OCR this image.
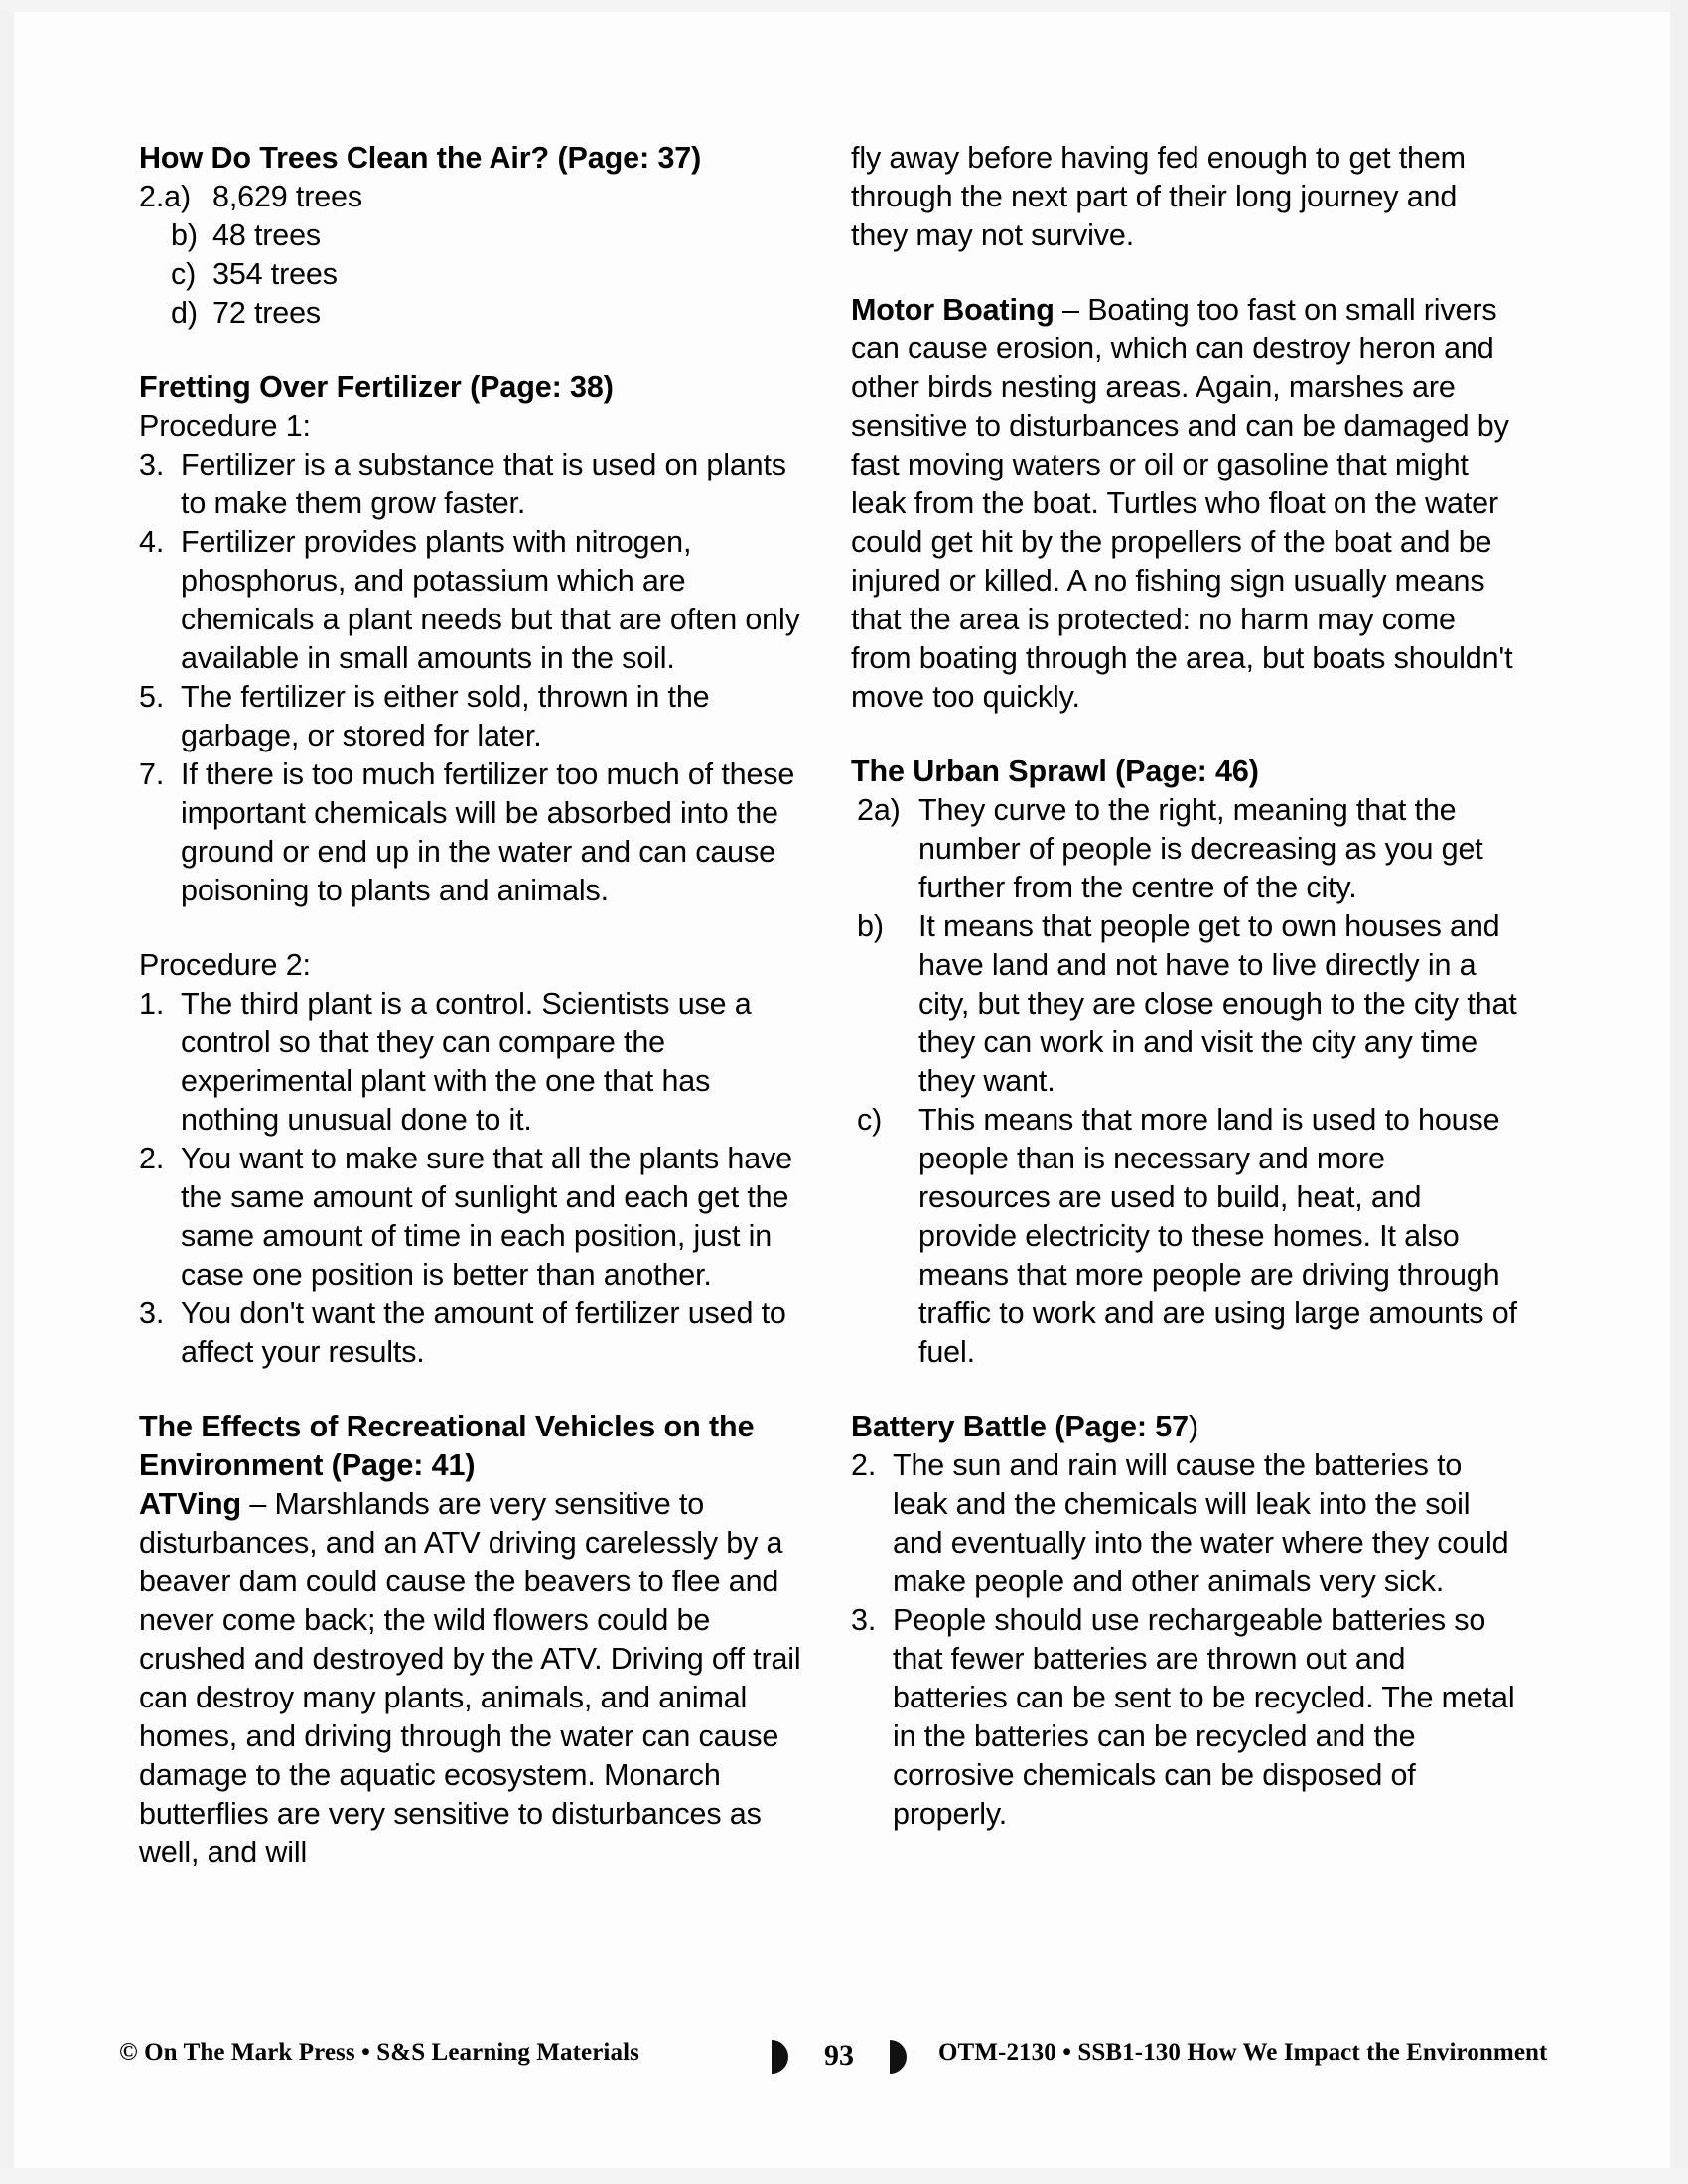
How Do Trees Clean the Air? (Page: 37)
2.a) 8,629 trees
b) 48 trees
c) 354 trees
d) 72 trees
Fretting Over Fertilizer (Page: 38)

Procedure 1:

3. Fertilizer is a substance that is used on plants to make them grow faster.
4. Fertilizer provides plants with nitrogen, phosphorus, and potassium which are chemicals a plant needs but that are often only available in small amounts in the soil.
5. The fertilizer is either sold, thrown in the garbage, or stored for later.
7. If there is too much fertilizer too much of these important chemicals will be absorbed into the ground or end up in the water and can cause poisoning to plants and animals.

Procedure 2:

1. The third plant is a control. Scientists use a control so that they can compare the experimental plant with the one that has nothing unusual done to it.
2. You want to make sure that all the plants have the same amount of sunlight and each get the same amount of time in each position, just in case one position is better than another.
3. You don't want the amount of fertilizer used to affect your results.
The Effects of Recreational Vehicles on the Environment (Page: 41)

ATVing – Marshlands are very sensitive to disturbances, and an ATV driving carelessly by a beaver dam could cause the beavers to flee and never come back; the wild flowers could be crushed and destroyed by the ATV. Driving off trail can destroy many plants, animals, and animal homes, and driving through the water can cause damage to the aquatic ecosystem. Monarch butterflies are very sensitive to disturbances as well, and will

fly away before having fed enough to get them through the next part of their long journey and they may not survive.

Motor Boating – Boating too fast on small rivers can cause erosion, which can destroy heron and other birds nesting areas. Again, marshes are sensitive to disturbances and can be damaged by fast moving waters or oil or gasoline that might leak from the boat. Turtles who float on the water could get hit by the propellers of the boat and be injured or killed. A no fishing sign usually means that the area is protected: no harm may come from boating through the area, but boats shouldn't move too quickly.

The Urban Sprawl (Page: 46)
2a) They curve to the right, meaning that the number of people is decreasing as you get further from the centre of the city.
b)	It means that people get to own houses and have land and not have to live directly in a city, but they are close enough to the city that they can work in and visit the city any time they want.
c)	This means that more land is used to house people than is necessary and more resources are used to build, heat, and provide electricity to these homes. It also means that more people are driving through traffic to work and are using large amounts of fuel.
Battery Battle (Page: 57)
2. The sun and rain will cause the batteries to leak and the chemicals will leak into the soil and eventually into the water where they could make people and other animals very sick.
3. People should use rechargeable batteries so that fewer batteries are thrown out and batteries can be sent to be recycled. The metal in the batteries can be recycled and the corrosive chemicals can be disposed of properly.
© On The Mark Press • S&S Learning Materials	93	OTM-2130 • SSB1-130 How We Impact the Environment
